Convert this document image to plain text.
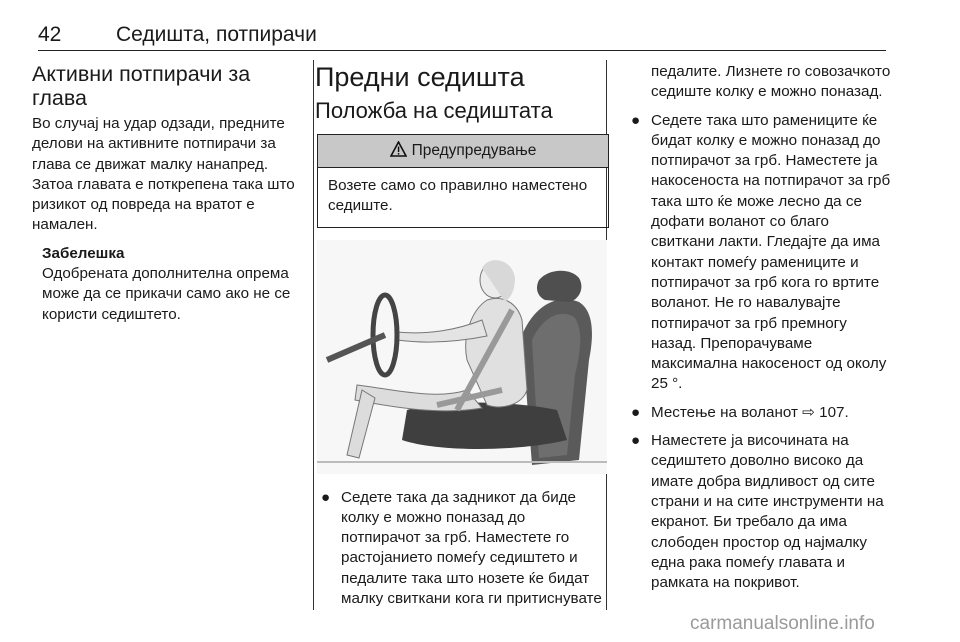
42	Седишта, потпирачи
Активни потпирачи за глава

Во случај на удар одзади, предните делови на активните потпирачи за глава се движат малку нанапред. Затоа главата е поткрепена така што ризикот од повреда на вратот е намален.

Забелешка

Одобрената дополнителна опрема може да се прикачи само ако не се користи седиштето.

Предни седишта
Положба на седиштата
Предупредување
Возете само со правилно наместено седиште.
● Седете така да задникот да биде колку е можно поназад до потпирачот за грб. Наместете го растојанието помеѓу седиштето и педалите така што нозете ќе бидат малку свиткани кога ги притиснувате
педалите. Лизнете го совозачкото седиште колку е можно поназад.
● Седете така што рамениците ќе бидат колку е можно поназад до потпирачот за грб. Наместете ја накосеноста на потпирачот за грб така што ќе може лесно да се дофати воланот со благо свиткани лакти. Гледајте да има контакт помеѓу рамениците и потпирачот за грб кога го вртите воланот. Не го навалувајте потпирачот за грб премногу назад. Препорачуваме максимална накосеност од околу 25 °.
● Местење на воланот ⇨ 107.
● Наместете ја височината на седиштето доволно високо да имате добра видливост од сите страни и на сите инструменти на екранот. Би требало да има слободен простор од најмалку една рака помеѓу главата и рамката на покривот.
carmanualsonline.info
